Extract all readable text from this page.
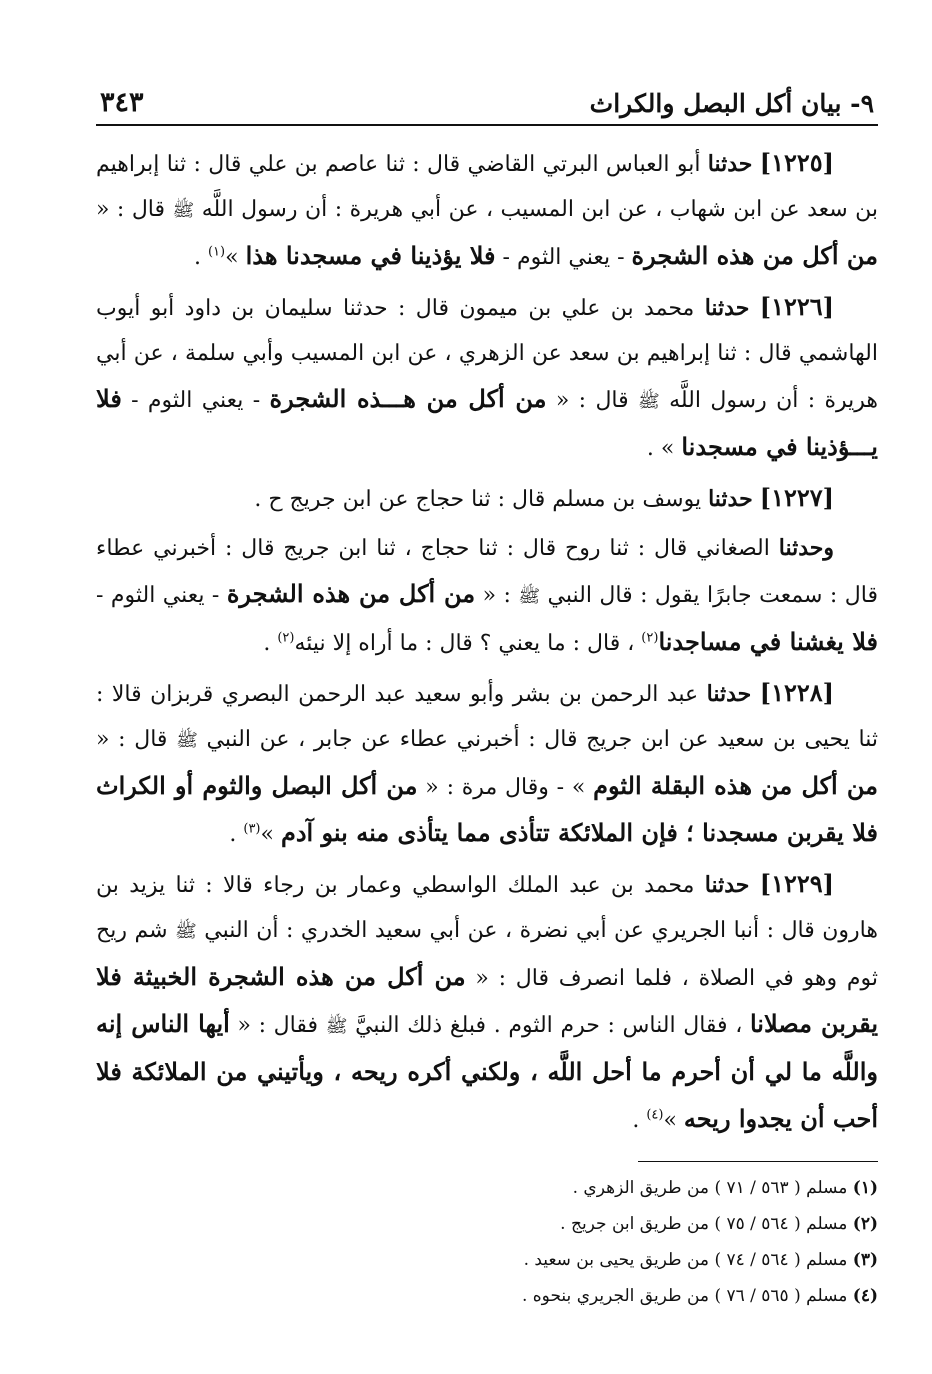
٩- بيان أكل البصل والكراث
٣٤٣

[١٢٢٥] حدثنا أبو العباس البرتي القاضي قال : ثنا عاصم بن علي قال : ثنا إبراهيم بن سعد عن ابن شهاب ، عن ابن المسيب ، عن أبي هريرة : أن رسول اللَّه ﷺ قال : « من أكل من هذه الشجرة - يعني الثوم - فلا يؤذينا في مسجدنا هذا »$^{(١)}$ .

[١٢٢٦] حدثنا محمد بن علي بن ميمون قال : حدثنا سليمان بن داود أبو أيوب الهاشمي قال : ثنا إبراهيم بن سعد عن الزهري ، عن ابن المسيب وأبي سلمة ، عن أبي هريرة : أن رسول اللَّه ﷺ قال : « من أكل من هـــذه الشجرة - يعني الثوم - فلا يـــؤذينا في مسجدنا » .

[١٢٢٧] حدثنا يوسف بن مسلم قال : ثنا حجاج عن ابن جريج ح .

وحدثنا الصغاني قال : ثنا روح قال : ثنا حجاج ، ثنا ابن جريج قال : أخبرني عطاء قال : سمعت جابرًا يقول : قال النبي ﷺ : « من أكل من هذه الشجرة - يعني الثوم - فلا يغشنا في مساجدنا$^{(٢)}$ ، قال : ما يعني ؟ قال : ما أراه إلا نيئه$^{(٢)}$ .

[١٢٢٨] حدثنا عبد الرحمن بن بشر وأبو سعيد عبد الرحمن البصري قربزان قالا : ثنا يحيى بن سعيد عن ابن جريج قال : أخبرني عطاء عن جابر ، عن النبي ﷺ قال : « من أكل من هذه البقلة الثوم » - وقال مرة : « من أكل البصل والثوم أو الكراث فلا يقربن مسجدنا ؛ فإن الملائكة تتأذى مما يتأذى منه بنو آدم »$^{(٣)}$ .

[١٢٢٩] حدثنا محمد بن عبد الملك الواسطي وعمار بن رجاء قالا : ثنا يزيد بن هارون قال : أنبا الجريري عن أبي نضرة ، عن أبي سعيد الخدري : أن النبي ﷺ شم ريح ثوم وهو في الصلاة ، فلما انصرف قال : « من أكل من هذه الشجرة الخبيثة فلا يقربن مصلانا ، فقال الناس : حرم الثوم . فبلغ ذلك النبيَّ ﷺ فقال : « أيها الناس إنه واللَّه ما لي أن أحرم ما أحل اللَّه ، ولكني أكره ريحه ، ويأتيني من الملائكة فلا أحب أن يجدوا ريحه »$^{(٤)}$ .

(١) مسلم ( ٥٦٣ / ٧١ ) من طريق الزهري .
(٢) مسلم ( ٥٦٤ / ٧٥ ) من طريق ابن جريج .
(٣) مسلم ( ٥٦٤ / ٧٤ ) من طريق يحيى بن سعيد .
(٤) مسلم ( ٥٦٥ / ٧٦ ) من طريق الجريري بنحوه .
